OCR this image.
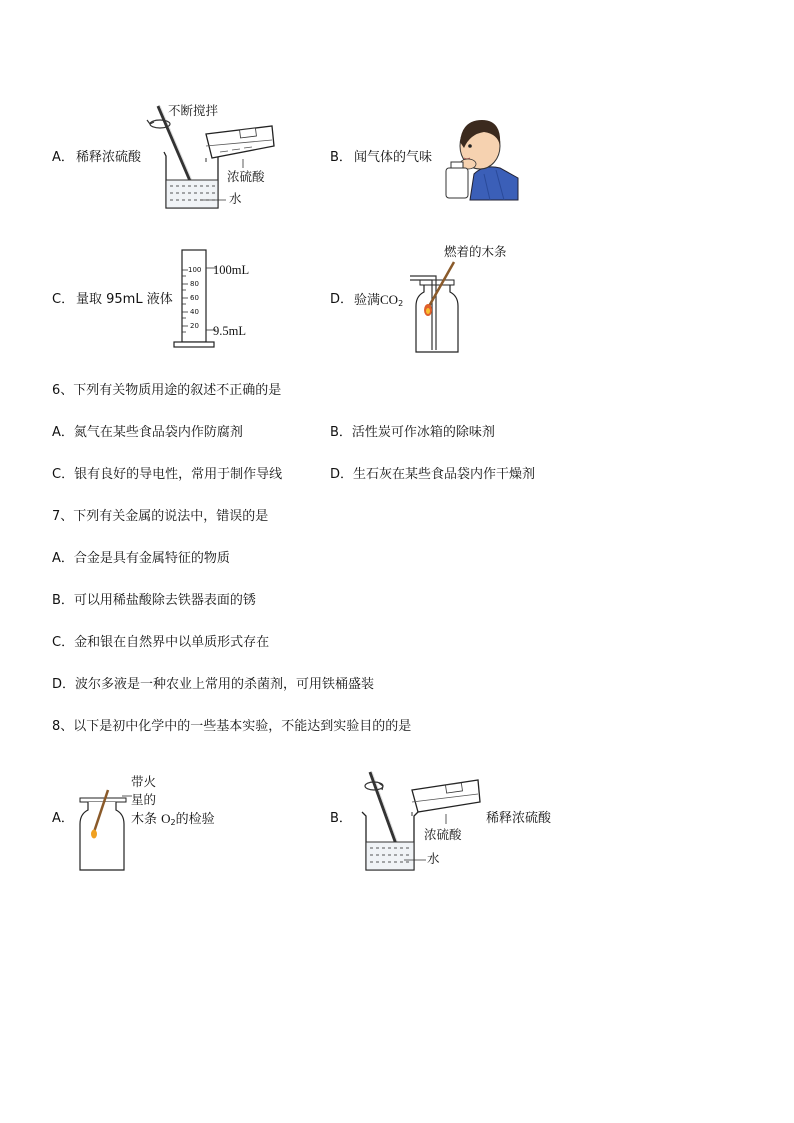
A． 稀释浓硫酸
不断搅拌
浓硫酸
水
B． 闻气体的气味
C． 量取 95mL 液体
100
80
60
40
20
100mL
9.5mL
D． 验满$CO_2$
燃着的木条
6、下列有关物质用途的叙述不正确的是
A．氮气在某些食品袋内作防腐剂	B．活性炭可作冰箱的除味剂
C．银有良好的导电性，常用于制作导线	D．生石灰在某些食品袋内作干燥剂
7、下列有关金属的说法中，错误的是
A．合金是具有金属特征的物质
B．可以用稀盐酸除去铁器表面的锈
C．金和银在自然界中以单质形式存在
D．波尔多液是一种农业上常用的杀菌剂，可用铁桶盛装
8、以下是初中化学中的一些基本实验，不能达到实验目的的是
A．
带火
星的
木条 $O_2$的检验	B．
浓硫酸
水
稀释浓硫酸
